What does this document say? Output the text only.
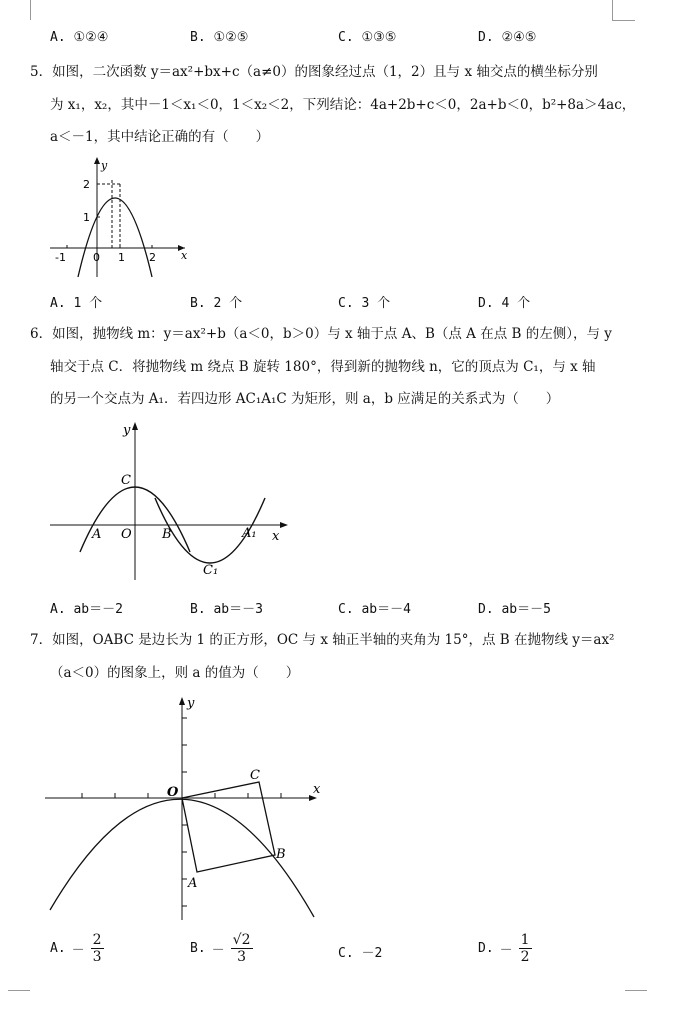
A. ①②④	B. ①②⑤	C. ①③⑤	D. ②④⑤
5．如图，二次函数 y＝ax²+bx+c（a≠0）的图象经过点（1，2）且与 x 轴交点的横坐标分别
为 x₁，x₂，其中－1＜x₁＜0，1＜x₂＜2，下列结论：4a+2b+c＜0，2a+b＜0，b²+8a＞4ac，
a＜－1，其中结论正确的有（　　）
2
1
-1 0 1 2 x
y
A. 1 个	B. 2 个	C. 3 个	D. 4 个
6．如图，抛物线 m：y＝ax²+b（a＜0，b＞0）与 x 轴于点 A、B（点 A 在点 B 的左侧），与 y
轴交于点 C．将抛物线 m 绕点 B 旋转 180°，得到新的抛物线 n，它的顶点为 C₁，与 x 轴
的另一个交点为 A₁．若四边形 AC₁A₁C 为矩形，则 a，b 应满足的关系式为（　　）
y
x
C
A O B	A₁
C₁
A. ab＝－2	B. ab＝－3	C. ab＝－4	D. ab＝－5
7．如图，OABC 是边长为 1 的正方形，OC 与 x 轴正半轴的夹角为 15°，点 B 在抛物线 y＝ax²
（a＜0）的图象上，则 a 的值为（　　）
y
x
O
C
B
A
A. － $\frac{2}{3}$	B. － $\frac{√2}{3}$	C. －2	D. － $\frac{1}{2}$
